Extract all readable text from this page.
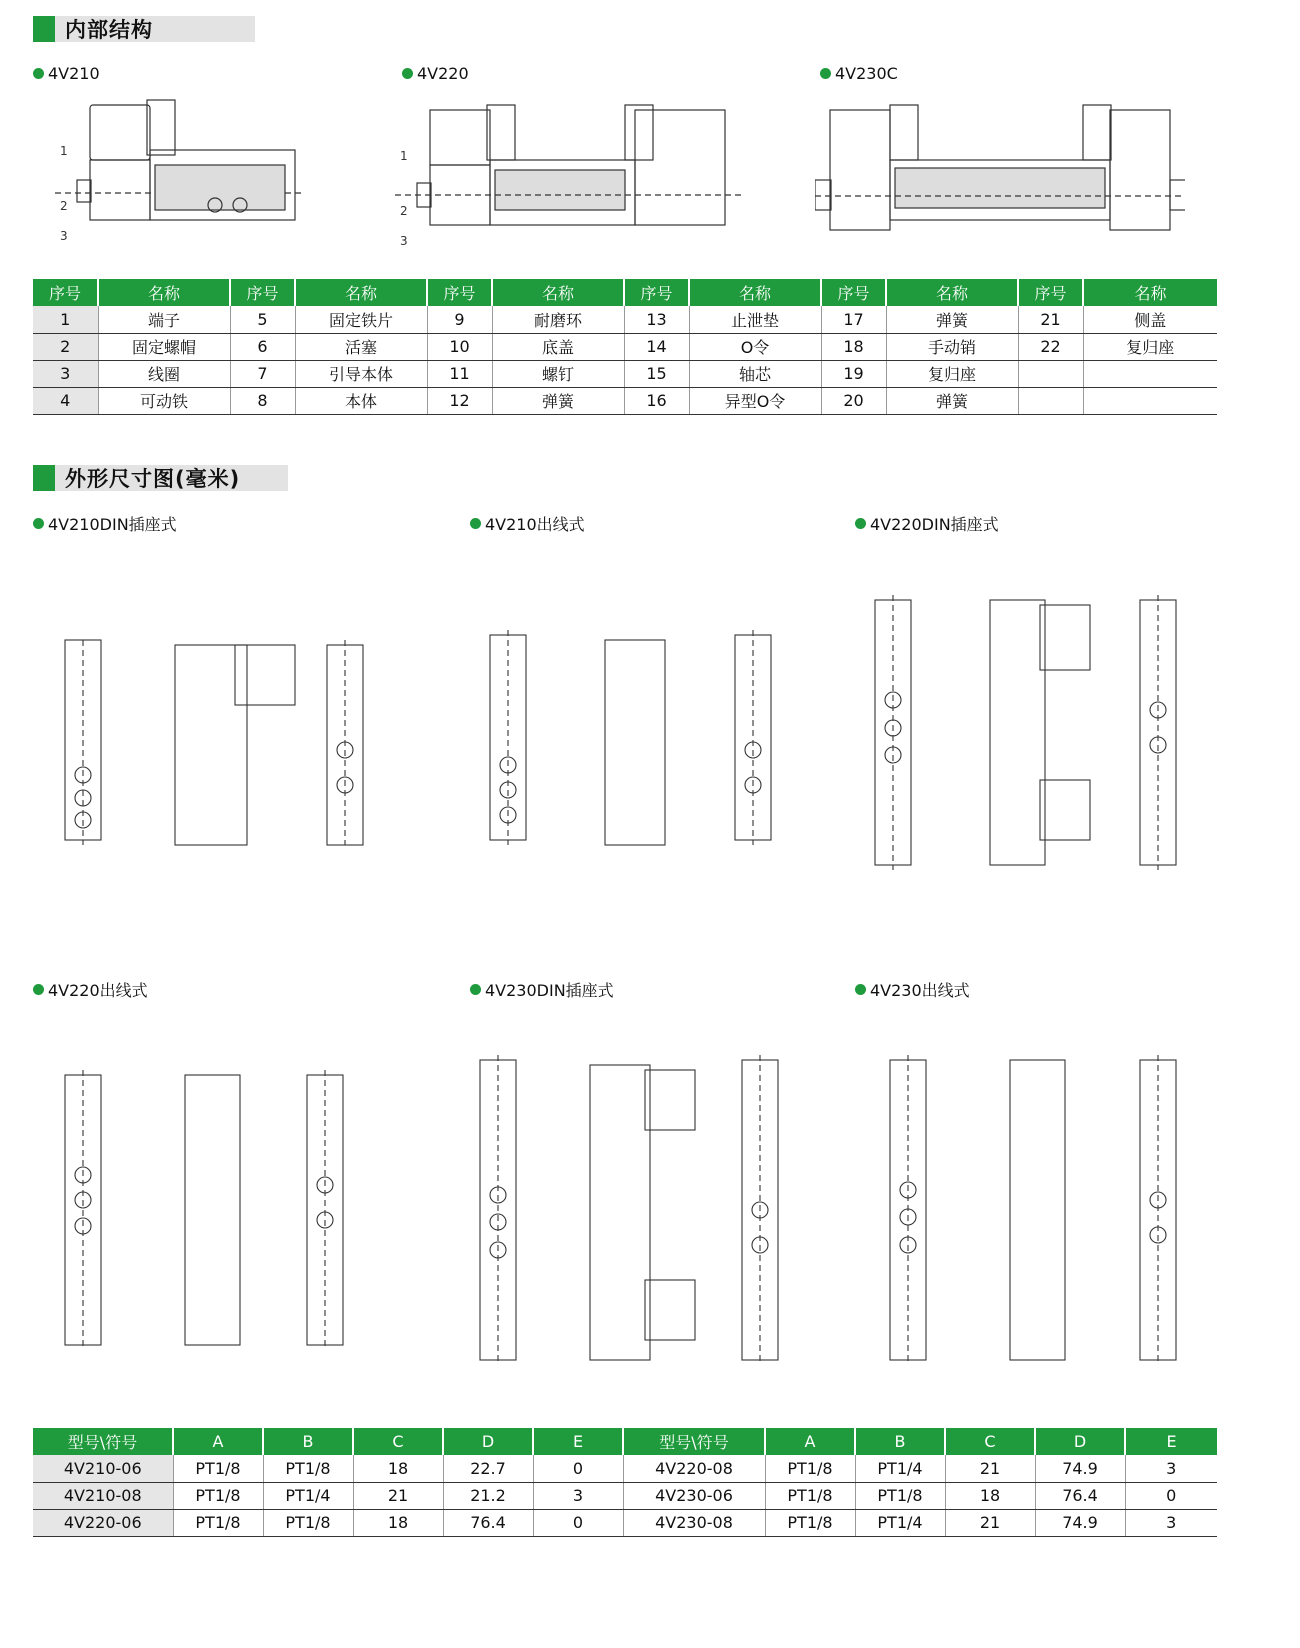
内部结构
4V210	4V220	4V230C
1
2
3
1
2
3
序号	名称	序号	名称	序号	名称	序号	名称	序号	名称	序号	名称
1	端子	5	固定铁片	9	耐磨环	13	止泄垫	17	弹簧	21	侧盖
2	固定螺帽	6	活塞	10	底盖	14	O令	18	手动销	22	复归座
3	线圈	7	引导本体	11	螺钉	15	轴芯	19	复归座		
4	可动铁	8	本体	12	弹簧	16	异型O令	20	弹簧		
外形尺寸图(毫米)
4V210DIN插座式	4V210出线式	4V220DIN插座式
4V220出线式	4V230DIN插座式	4V230出线式
型号\符号	A	B	C	D	E	型号\符号	A	B	C	D	E
4V210-06	PT1/8	PT1/8	18	22.7	0	4V220-08	PT1/8	PT1/4	21	74.9	3
4V210-08	PT1/8	PT1/4	21	21.2	3	4V230-06	PT1/8	PT1/8	18	76.4	0
4V220-06	PT1/8	PT1/8	18	76.4	0	4V230-08	PT1/8	PT1/4	21	74.9	3
